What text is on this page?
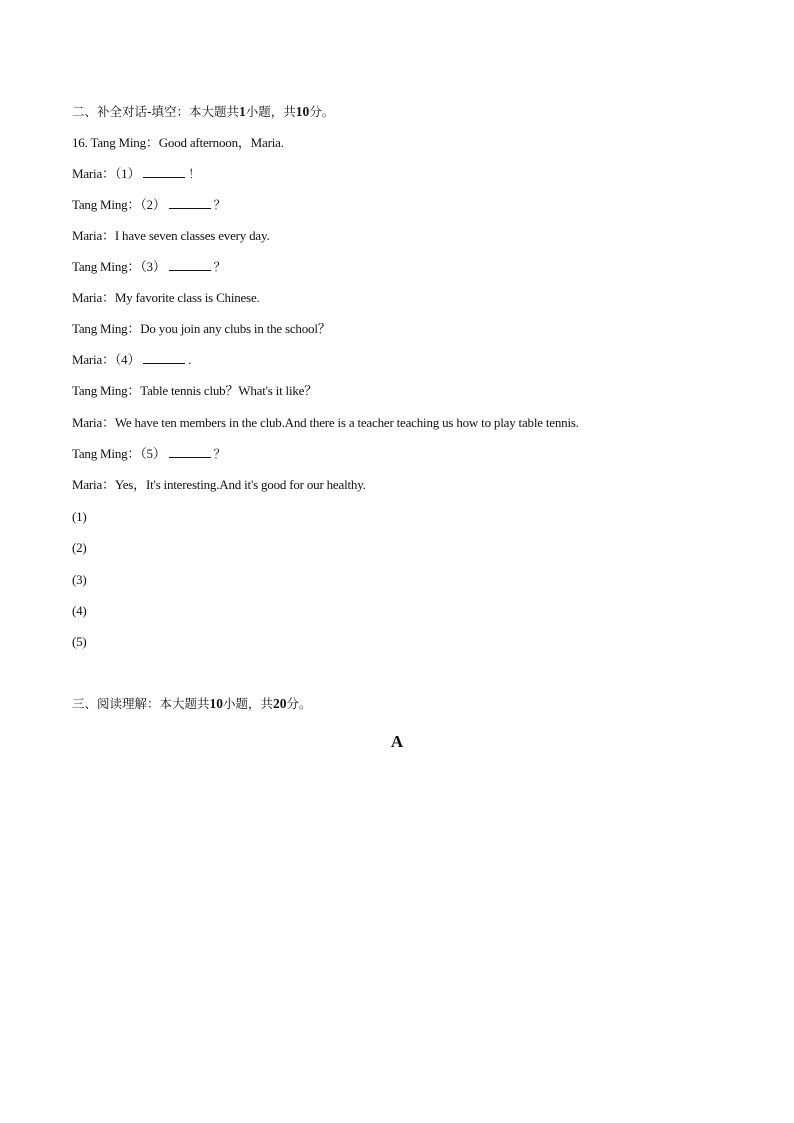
二、补全对话-填空：本大题共1小题，共10分。
16. Tang Ming：Good afternoon，Maria.
Maria：（1）	！
Tang Ming：（2）	？
Maria：I have seven classes every day.
Tang Ming：（3）	？
Maria：My favorite class is Chinese.
Tang Ming：Do you join any clubs in the school？
Maria：（4）	.
Tang Ming：Table tennis club？What's it like？
Maria：We have ten members in the club.And there is a teacher teaching us how to play table tennis.
Tang Ming：（5）	？
Maria：Yes，It's interesting.And it's good for our healthy.
(1)
(2)
(3)
(4)
(5)
三、阅读理解：本大题共10小题，共20分。
A
